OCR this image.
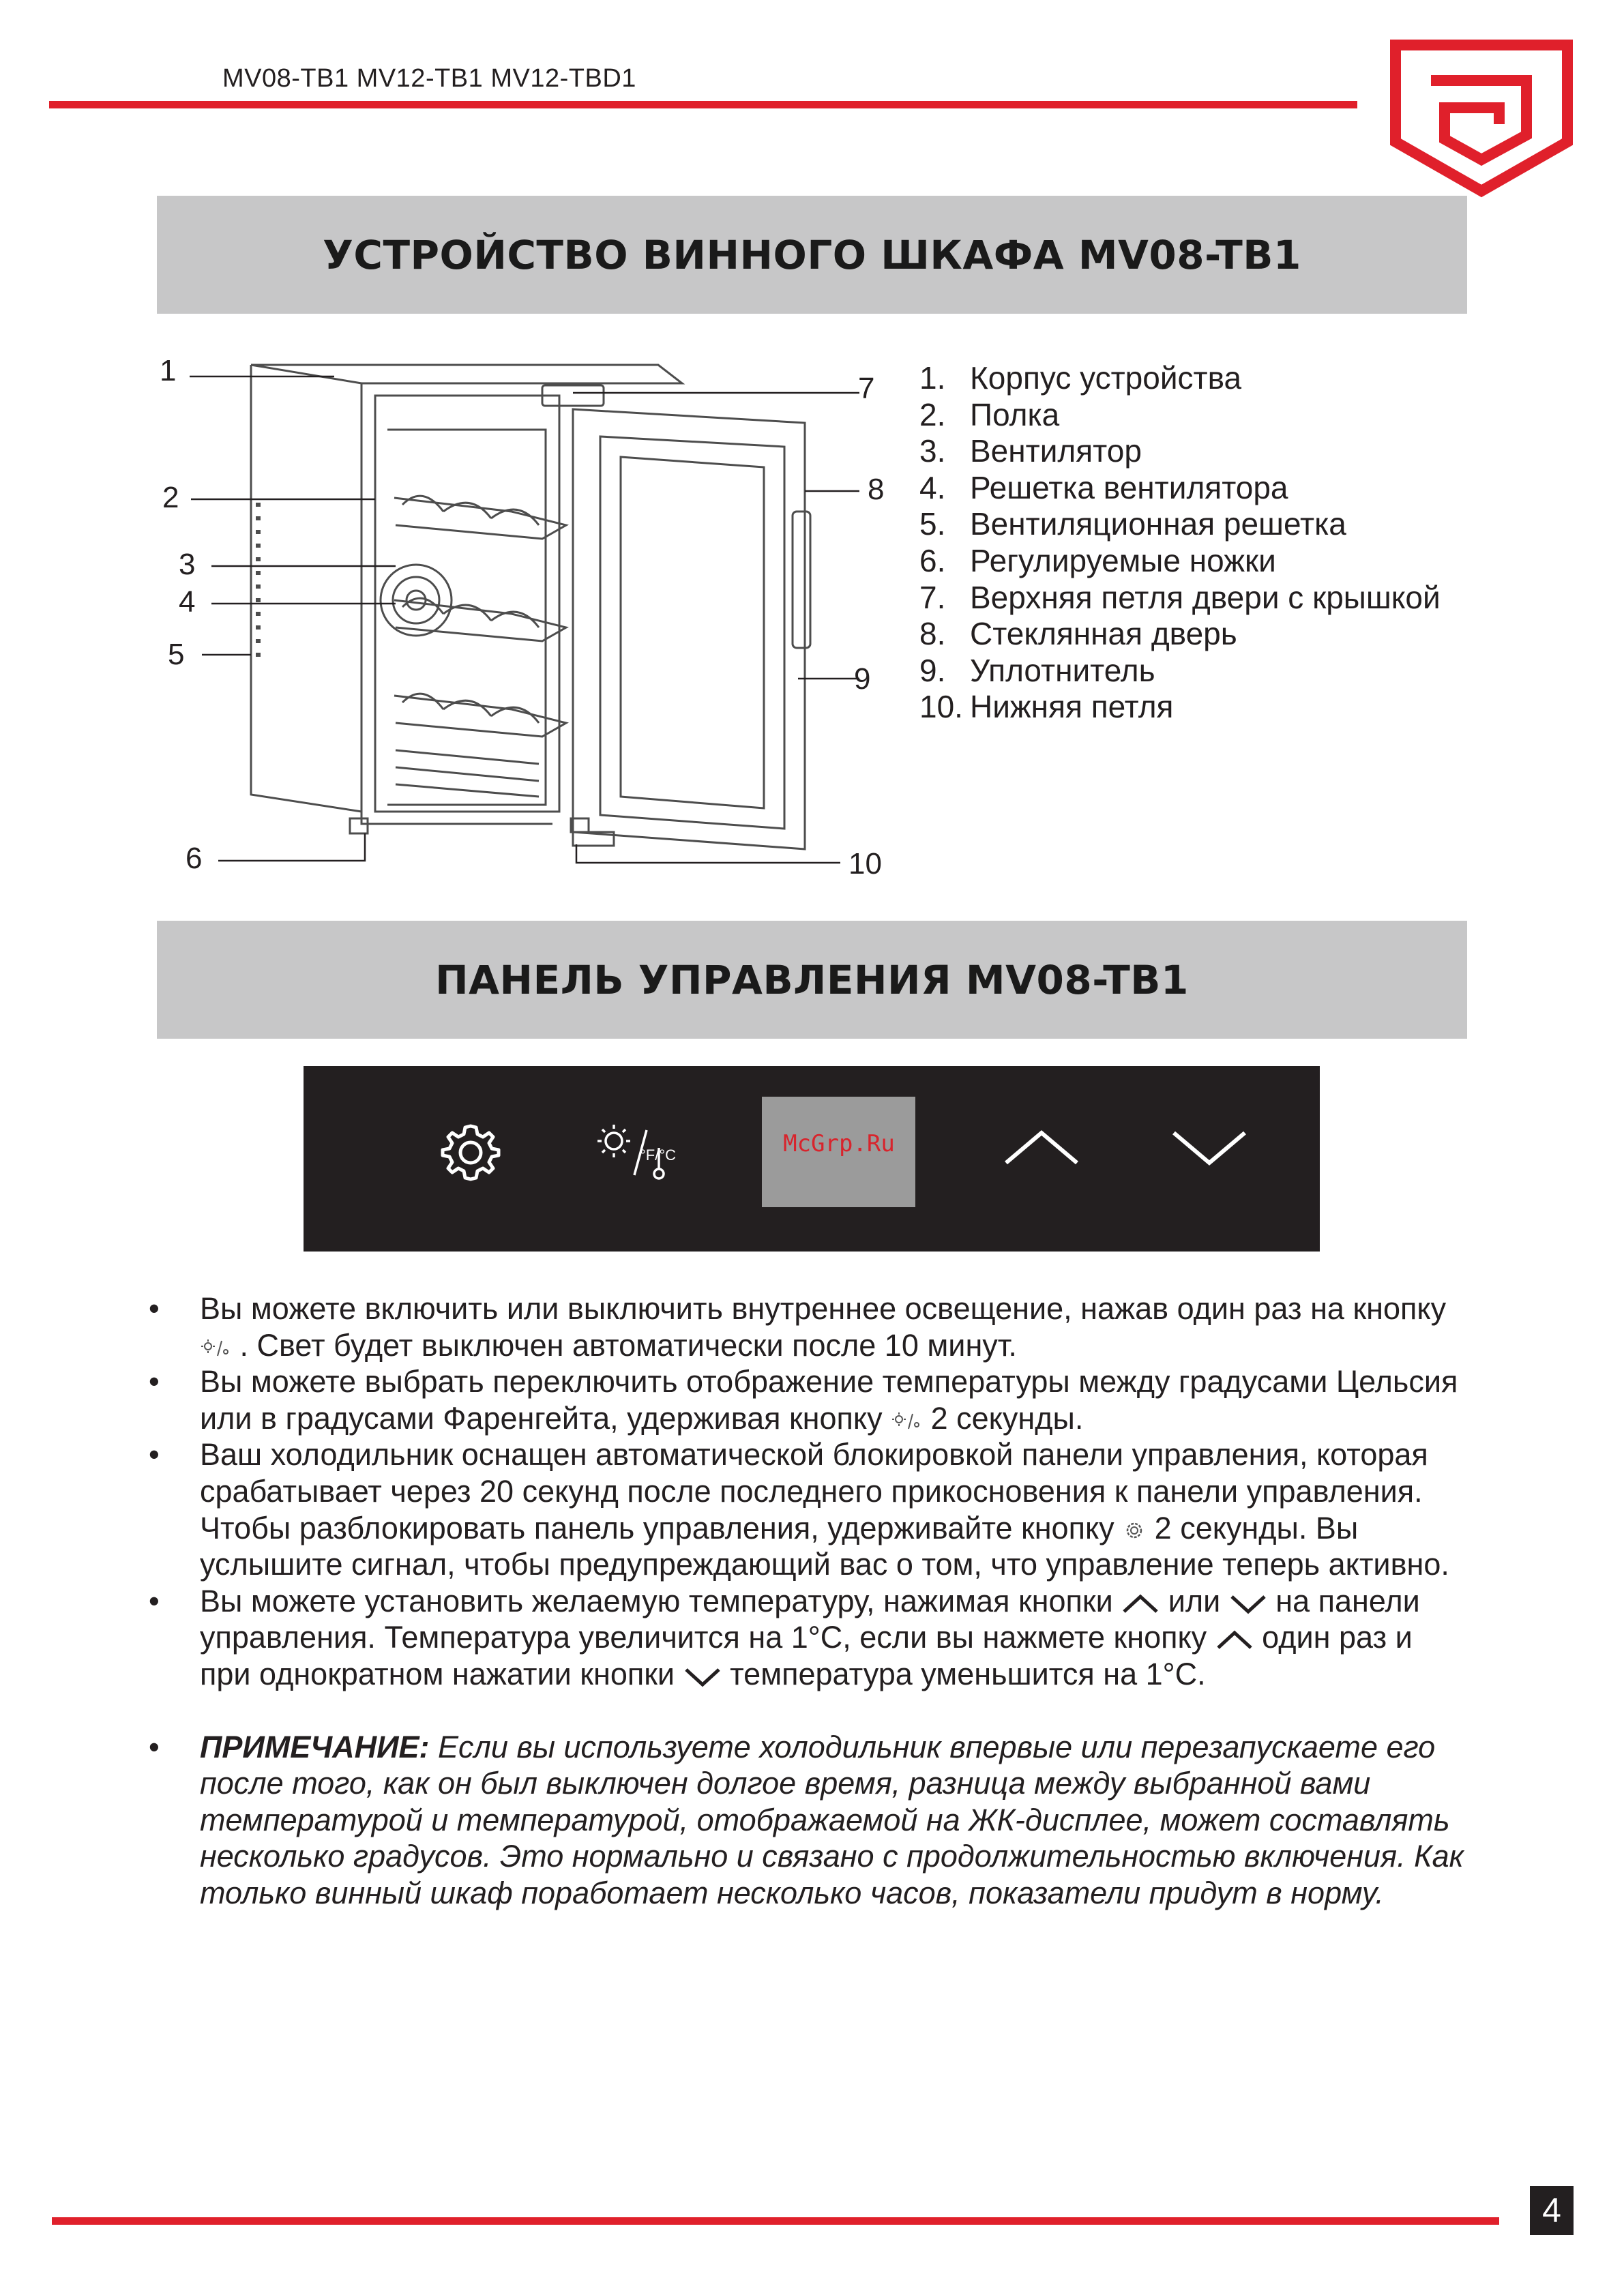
MV08-TB1 MV12-TB1 MV12-TBD1
УСТРОЙСТВО ВИННОГО ШКАФА MV08-TB1
1
2
3
4
5
6
7
8
9
10
1. Корпус устройства
2. Полка
3. Вентилятор
4. Решетка вентилятора
5. Вентиляционная решетка
6. Регулируемые ножки
7. Верхняя петля двери с крышкой
8. Стеклянная дверь
9. Уплотнитель
10. Нижняя петля
ПАНЕЛЬ УПРАВЛЕНИЯ MV08-TB1
°F/°C	McGrp.Ru
• Вы можете включить или выключить внутреннее освещение, нажав один раз на кнопку  . Свет будет выключен автоматически после 10 минут.
• Вы можете выбрать переключить отображение температуры между градусами Цельсия или в градусами Фаренгейта, удерживая кнопку  2 секунды.
• Ваш холодильник оснащен автоматической блокировкой панели управления, которая срабатывает через 20 секунд после последнего прикосновения к панели управления. Чтобы разблокировать панель управления, удерживайте кнопку  2 секунды. Вы услышите сигнал, чтобы предупреждающий вас о том, что управление теперь активно.
• Вы можете установить желаемую температуру, нажимая кнопки  или  на панели управления. Температура увеличится на 1°С, если вы нажмете кнопку  один раз и при однократном нажатии кнопки  температура уменьшится на 1°С.
• ПРИМЕЧАНИЕ: Если вы используете холодильник впервые или перезапускаете его после того, как он был выключен долгое время, разница между выбранной вами температурой и температурой, отображаемой на ЖК-дисплее, может составлять несколько градусов. Это нормально и связано с продолжительностью включения. Как только винный шкаф поработает несколько часов, показатели придут в норму.
4
